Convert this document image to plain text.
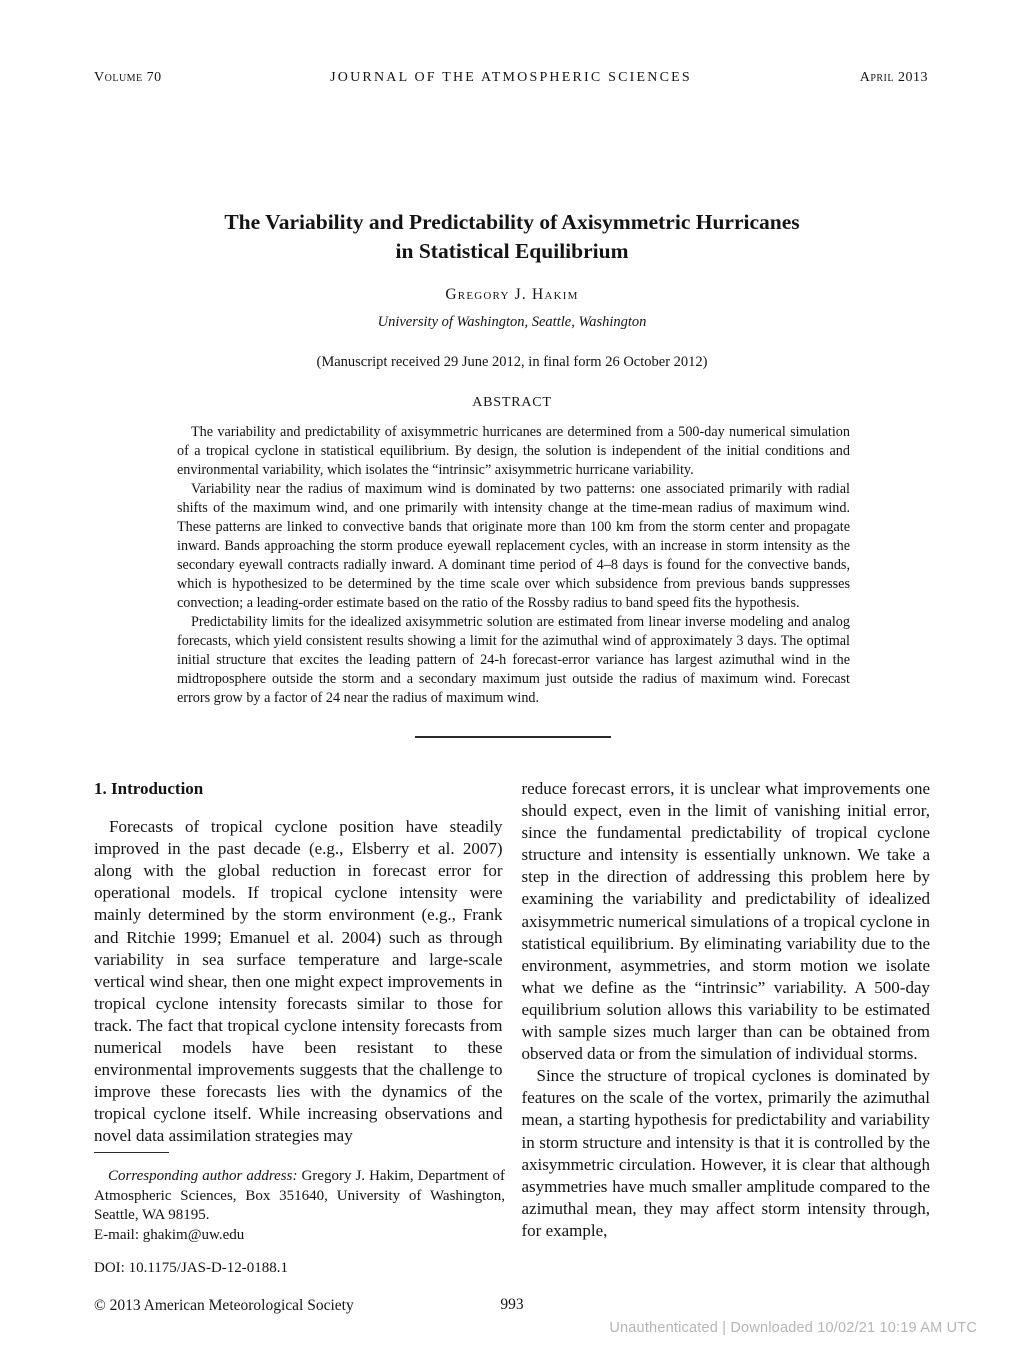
Volume 70	JOURNAL OF THE ATMOSPHERIC SCIENCES	April 2013
The Variability and Predictability of Axisymmetric Hurricanes
in Statistical Equilibrium
Gregory J. Hakim
University of Washington, Seattle, Washington
(Manuscript received 29 June 2012, in final form 26 October 2012)
ABSTRACT

The variability and predictability of axisymmetric hurricanes are determined from a 500-day numerical simulation of a tropical cyclone in statistical equilibrium. By design, the solution is independent of the initial conditions and environmental variability, which isolates the “intrinsic” axisymmetric hurricane variability.

Variability near the radius of maximum wind is dominated by two patterns: one associated primarily with radial shifts of the maximum wind, and one primarily with intensity change at the time-mean radius of maximum wind. These patterns are linked to convective bands that originate more than 100 km from the storm center and propagate inward. Bands approaching the storm produce eyewall replacement cycles, with an increase in storm intensity as the secondary eyewall contracts radially inward. A dominant time period of 4–8 days is found for the convective bands, which is hypothesized to be determined by the time scale over which subsidence from previous bands suppresses convection; a leading-order estimate based on the ratio of the Rossby radius to band speed fits the hypothesis.

Predictability limits for the idealized axisymmetric solution are estimated from linear inverse modeling and analog forecasts, which yield consistent results showing a limit for the azimuthal wind of approximately 3 days. The optimal initial structure that excites the leading pattern of 24-h forecast-error variance has largest azimuthal wind in the midtroposphere outside the storm and a secondary maximum just outside the radius of maximum wind. Forecast errors grow by a factor of 24 near the radius of maximum wind.

1. Introduction

Forecasts of tropical cyclone position have steadily improved in the past decade (e.g., Elsberry et al. 2007) along with the global reduction in forecast error for operational models. If tropical cyclone intensity were mainly determined by the storm environment (e.g., Frank and Ritchie 1999; Emanuel et al. 2004) such as through variability in sea surface temperature and large-scale vertical wind shear, then one might expect improvements in tropical cyclone intensity forecasts similar to those for track. The fact that tropical cyclone intensity forecasts from numerical models have been resistant to these environmental improvements suggests that the challenge to improve these forecasts lies with the dynamics of the tropical cyclone itself. While increasing observations and novel data assimilation strategies may

reduce forecast errors, it is unclear what improvements one should expect, even in the limit of vanishing initial error, since the fundamental predictability of tropical cyclone structure and intensity is essentially unknown. We take a step in the direction of addressing this problem here by examining the variability and predictability of idealized axisymmetric numerical simulations of a tropical cyclone in statistical equilibrium. By eliminating variability due to the environment, asymmetries, and storm motion we isolate what we define as the “intrinsic” variability. A 500-day equilibrium solution allows this variability to be estimated with sample sizes much larger than can be obtained from observed data or from the simulation of individual storms.

Since the structure of tropical cyclones is dominated by features on the scale of the vortex, primarily the azimuthal mean, a starting hypothesis for predictability and variability in storm structure and intensity is that it is controlled by the axisymmetric circulation. However, it is clear that although asymmetries have much smaller amplitude compared to the azimuthal mean, they may affect storm intensity through, for example,

Corresponding author address: Gregory J. Hakim, Department of Atmospheric Sciences, Box 351640, University of Washington, Seattle, WA 98195.

E-mail: ghakim@uw.edu

DOI: 10.1175/JAS-D-12-0188.1

© 2013 American Meteorological Society	993
Unauthenticated | Downloaded 10/02/21 10:19 AM UTC
